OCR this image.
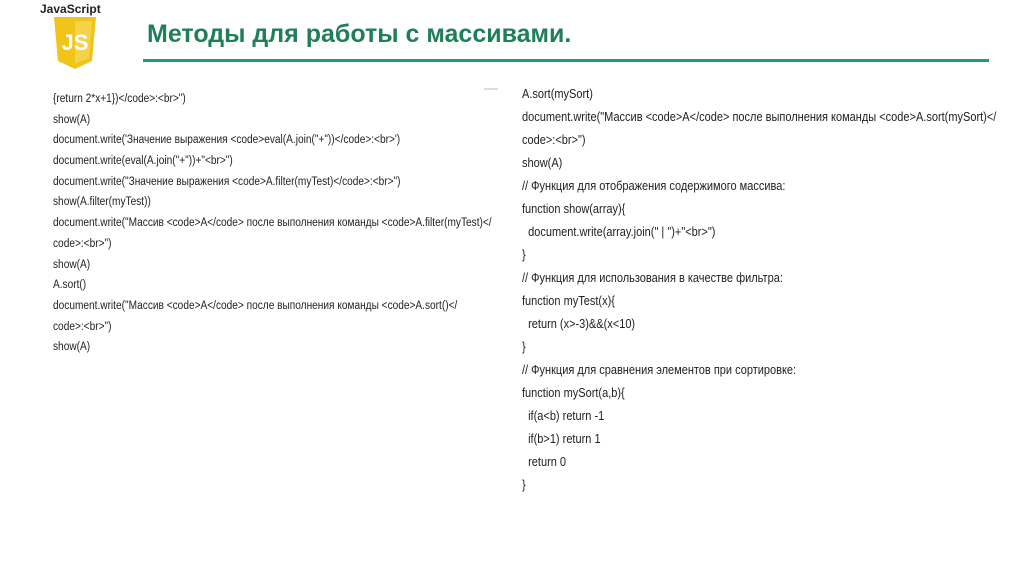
JavaScript
JS Методы для работы с массивами.
{return 2*x+1})</code>:<br>")
show(A)
document.write('Значение выражения <code>eval(A.join("+"))</code>:<br>')
document.write(eval(A.join("+"))+"<br>")
document.write("Значение выражения <code>A.filter(myTest)</code>:<br>")
show(A.filter(myTest))
document.write("Массив <code>A</code> после выполнения команды <code>A.filter(myTest)</
code>:<br>")
show(A)
A.sort()
document.write("Массив <code>A</code> после выполнения команды <code>A.sort()</
code>:<br>")
show(A)
A.sort(mySort)
document.write("Массив <code>A</code> после выполнения команды <code>A.sort(mySort)</
code>:<br>")
show(A)
// Функция для отображения содержимого массива:
function show(array){
document.write(array.join(" | ")+"<br>")
}
// Функция для использования в качестве фильтра:
function myTest(x){
return (x>-3)&&(x<10)
}
// Функция для сравнения элементов при сортировке:
function mySort(a,b){
if(a<b) return -1
if(b>1) return 1
return 0
}
